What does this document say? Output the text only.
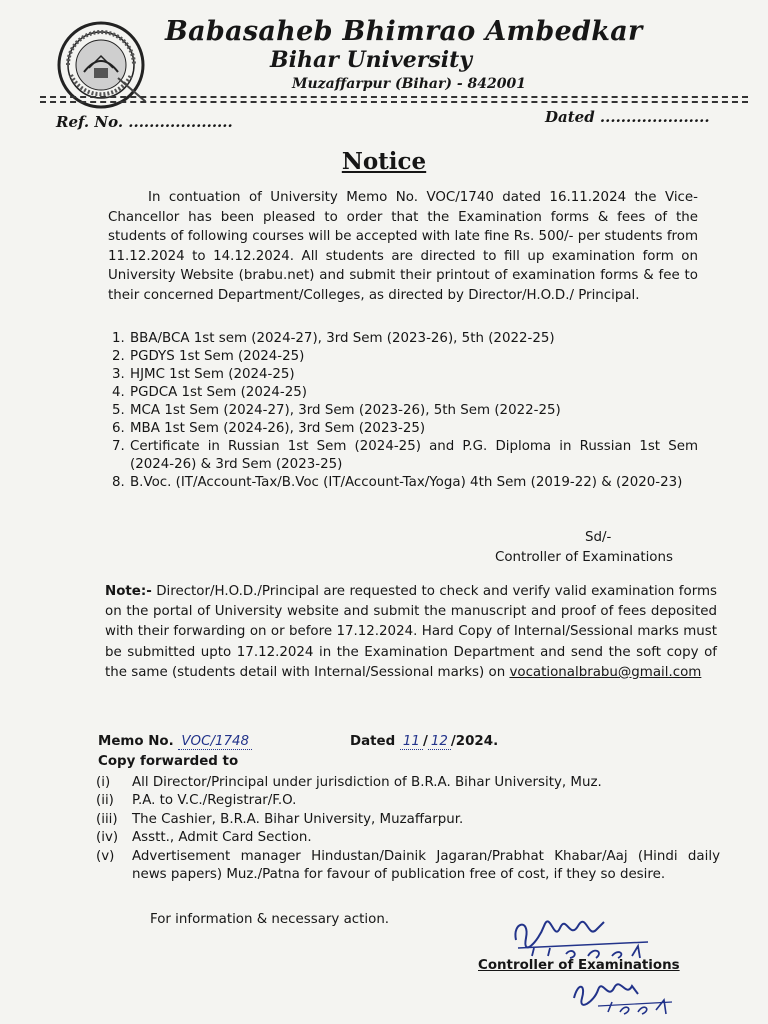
Babasaheb Bhimrao Ambedkar
Bihar University
Muzaffarpur (Bihar) - 842001
Ref. No. ....................	Dated .....................
Notice
In contuation of University Memo No. VOC/1740 dated 16.11.2024 the Vice-Chancellor has been pleased to order that the Examination forms & fees of the students of following courses will be accepted with late fine Rs. 500/- per students from 11.12.2024 to 14.12.2024. All students are directed to fill up examination form on University Website (brabu.net) and submit their printout of examination forms & fee to their concerned Department/Colleges, as directed by Director/H.O.D./ Principal.
1. BBA/BCA 1st sem (2024-27), 3rd Sem (2023-26), 5th (2022-25)
2. PGDYS 1st Sem (2024-25)
3. HJMC 1st Sem (2024-25)
4. PGDCA 1st Sem (2024-25)
5. MCA 1st Sem (2024-27), 3rd Sem (2023-26), 5th Sem (2022-25)
6. MBA 1st Sem (2024-26), 3rd Sem (2023-25)
7. Certificate in Russian 1st Sem (2024-25) and P.G. Diploma in Russian 1st Sem (2024-26) & 3rd Sem (2023-25)
8. B.Voc. (IT/Account-Tax/B.Voc (IT/Account-Tax/Yoga) 4th Sem (2019-22) & (2020-23)
Sd/-
Controller of Examinations
Note:- Director/H.O.D./Principal are requested to check and verify valid examination forms on the portal of University website and submit the manuscript and proof of fees deposited with their forwarding on or before 17.12.2024. Hard Copy of Internal/Sessional marks must be submitted upto 17.12.2024 in the Examination Department and send the soft copy of the same (students detail with Internal/Sessional marks) on vocationalbrabu@gmail.com
Memo No. VOC/1748	Dated 11 / 12 /2024.
Copy forwarded to
(i) All Director/Principal under jurisdiction of B.R.A. Bihar University, Muz.
(ii) P.A. to V.C./Registrar/F.O.
(iii) The Cashier, B.R.A. Bihar University, Muzaffarpur.
(iv) Asstt., Admit Card Section.
(v) Advertisement manager Hindustan/Dainik Jagaran/Prabhat Khabar/Aaj (Hindi daily news papers) Muz./Patna for favour of publication free of cost, if they so desire.
For information & necessary action.
Controller of Examinations
